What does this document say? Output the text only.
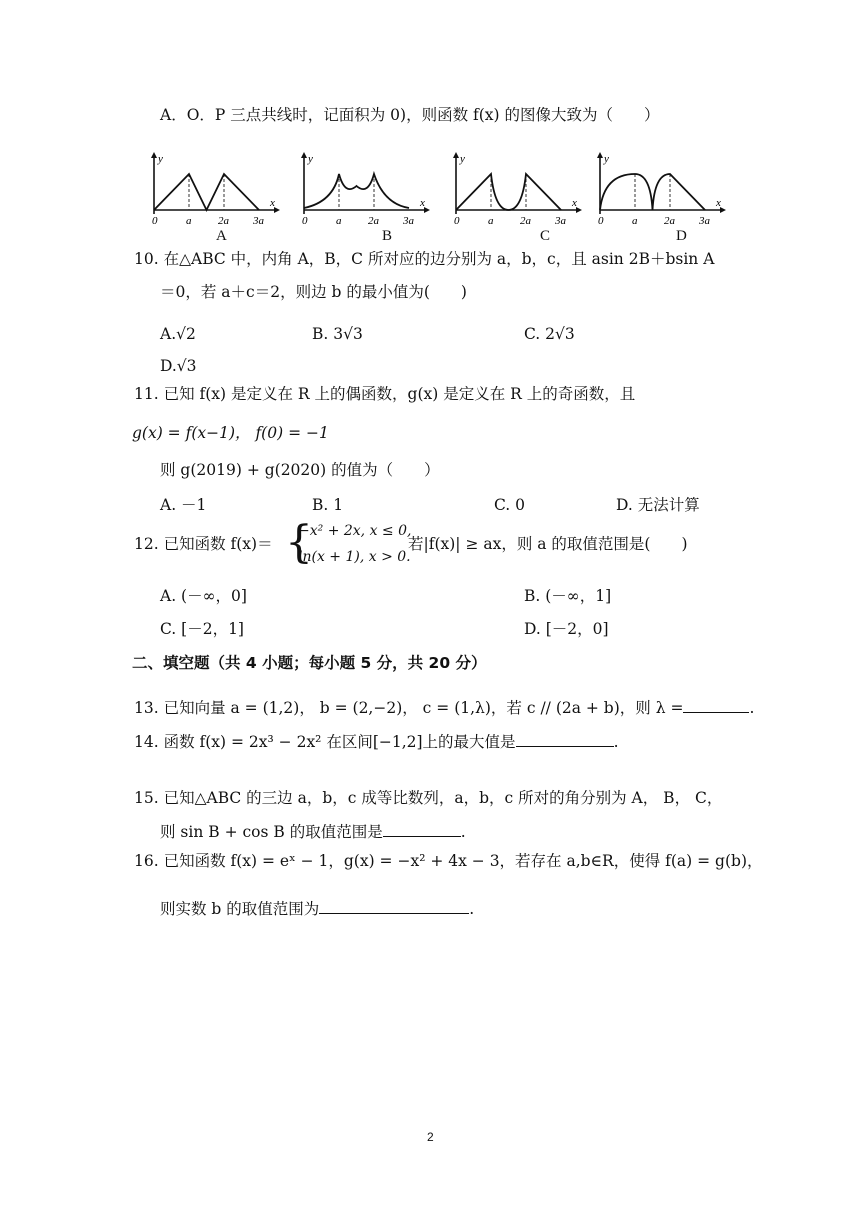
A．O．P 三点共线时，记面积为 0)，则函数 f(x) 的图像大致为（　　）
y
x
0	a 2a 3a
A
y
x
0	a 2a 3a
B
y
x
0	a 2a 3a
C
y
x
0	a 2a 3a
D
10. 在△ABC 中，内角 A，B，C 所对应的边分别为 a，b，c，且 asin 2B＋bsin A
＝0，若 a＋c＝2，则边 b 的最小值为(　　)
A.√2	B. 3√3	C. 2√3
D.√3
11. 已知 f(x) 是定义在 R 上的偶函数，g(x) 是定义在 R 上的奇函数，且
g(x) = f(x−1)， f(0) = −1
则 g(2019) + g(2020) 的值为（　　）
A. －1	B. 1	C. 0	D. 无法计算
12. 已知函数 f(x)＝ {
−x² + 2x, x ≤ 0,
ln(x + 1), x > 0.
若|f(x)| ≥ ax，则 a 的取值范围是(　　)
A. (－∞，0]	B. (－∞，1]
C. [－2，1]	D. [－2，0]
二、填空题（共 4 小题；每小题 5 分，共 20 分）
13. 已知向量 a = (1,2)， b = (2,−2)， c = (1,λ)，若 c // (2a + b)，则 λ =	.
14. 函数 f(x) = 2x³ − 2x² 在区间[−1,2]上的最大值是	.
15. 已知△ABC 的三边 a，b，c 成等比数列，a，b，c 所对的角分别为 A， B， C，
则 sin B + cos B 的取值范围是	.
16. 已知函数 f(x) = eˣ − 1，g(x) = −x² + 4x − 3，若存在 a,b∈R，使得 f(a) = g(b)，
则实数 b 的取值范围为	.
2
